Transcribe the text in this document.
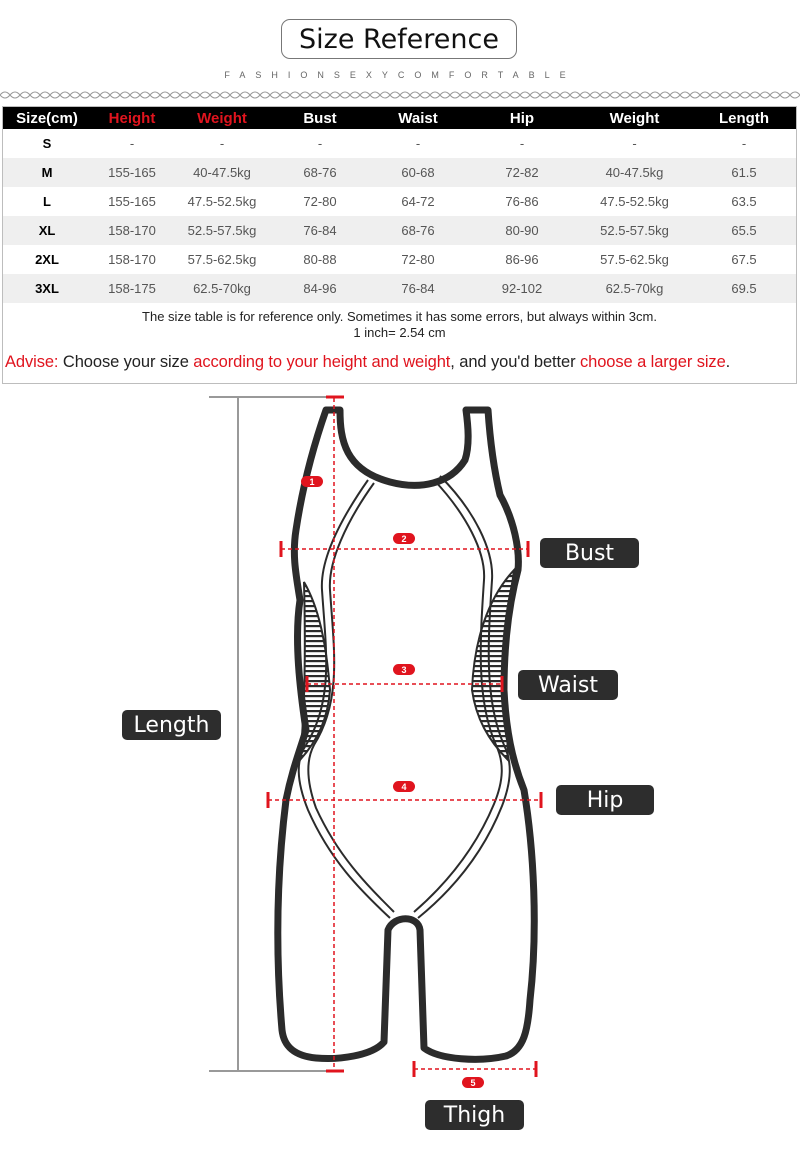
Size Reference
FASHIONSEXYCOMFORTABLE
Size(cm)	Height	Weight	Bust	Waist	Hip	Weight	Length
S	-	-	-	-	-	-	-
M	155-165	40-47.5kg	68-76	60-68	72-82	40-47.5kg	61.5
L	155-165	47.5-52.5kg	72-80	64-72	76-86	47.5-52.5kg	63.5
XL	158-170	52.5-57.5kg	76-84	68-76	80-90	52.5-57.5kg	65.5
2XL	158-170	57.5-62.5kg	80-88	72-80	86-96	57.5-62.5kg	67.5
3XL	158-175	62.5-70kg	84-96	76-84	92-102	62.5-70kg	69.5
The size table is for reference only. Sometimes it has some errors, but always within 3cm.
1 inch= 2.54 cm
Advise: Choose your size according to your height and weight, and you'd better choose a larger size.
1
2
3
4
5
Bust
Waist
Hip
Length
Thigh
